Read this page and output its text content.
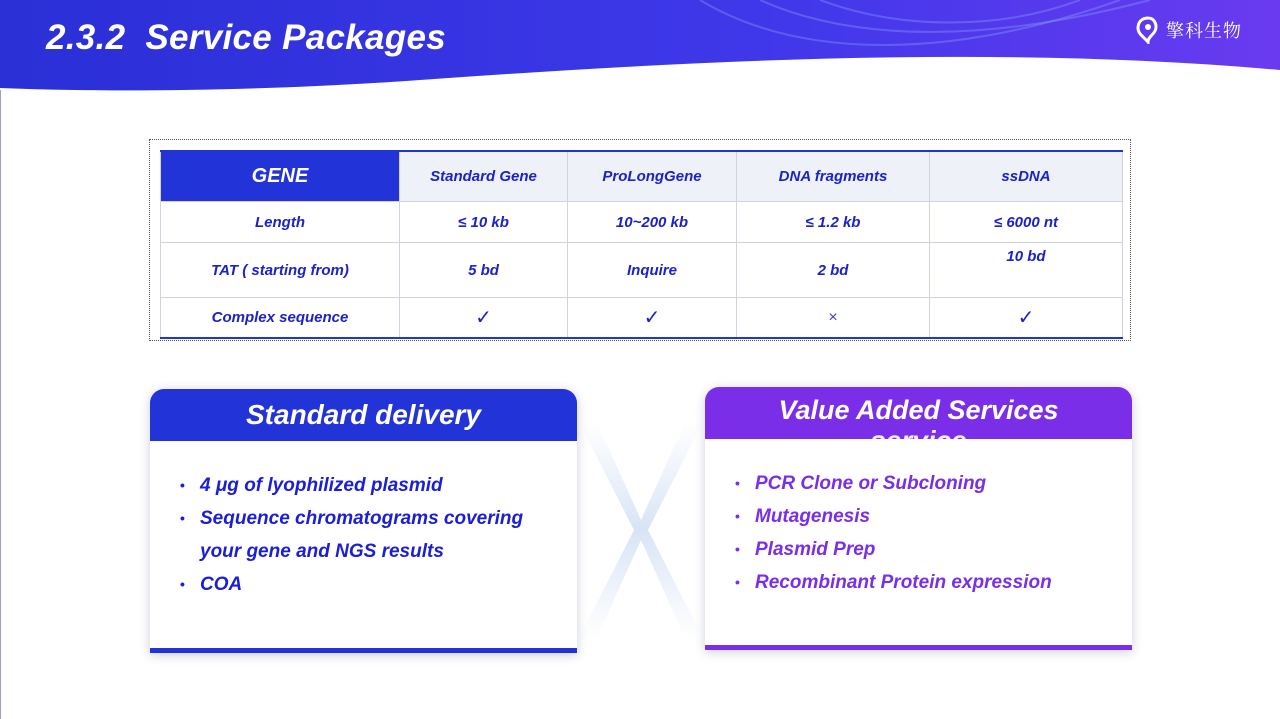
2.3.2  Service Packages	擎科生物
GENE	Standard Gene	ProLongGene	DNA fragments	ssDNA
Length	≤ 10 kb	10~200 kb	≤ 1.2 kb	≤ 6000 nt
TAT ( starting from)	5 bd	Inquire	2 bd	10 bd
Complex sequence	✓	✓	×	✓
Standard delivery
• 4 μg of lyophilized plasmid
• Sequence chromatograms covering your gene and NGS results
• COA
Value Added Services
service
• PCR Clone or Subcloning
• Mutagenesis
• Plasmid Prep
• Recombinant Protein expression
